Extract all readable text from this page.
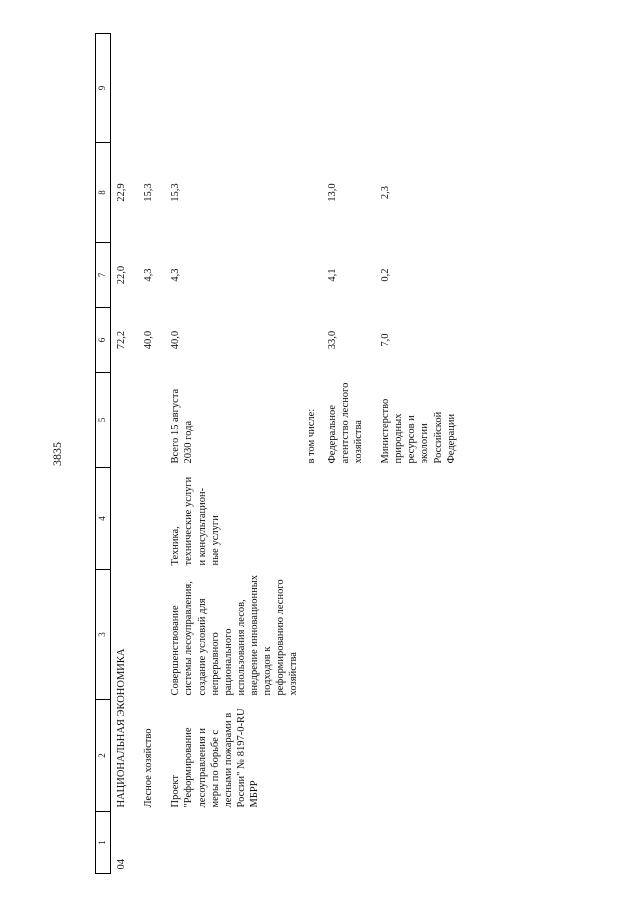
3835
1	2	3	4	5	6	7	8	9
04	НАЦИОНАЛЬНАЯ ЭКОНОМИКА				72,2	22,0	22,9	
	Лесное хозяйство				40,0	4,3	15,3	
	Проект "Реформирование лесоуправления и меры по борьбе с лесными пожарами в России" № 8197-0-RU МБРР	Совершенствование системы лесоуправления, создание условий для непрерывного рационального использования лесов, внедрение инновационных подходов к реформированию лесного хозяйства	Техника, технические услуги и консультацион-ные услуги	Всего 15 августа 2030 года	40,0	4,3	15,3	
				в том числе:				
				Федеральное агентство лесного хозяйства	33,0	4,1	13,0	
				Министерство природных ресурсов и экологии Российской Федерации	7,0	0,2	2,3	
